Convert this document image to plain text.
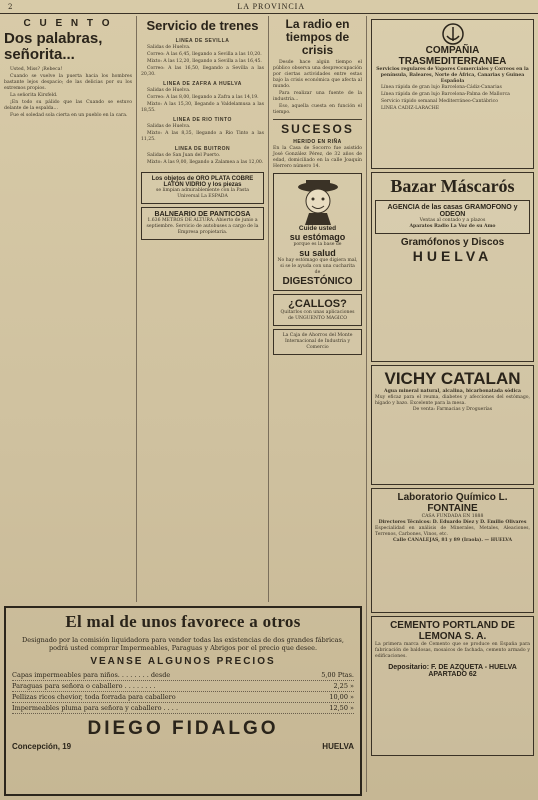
2	LA PROVINCIA
C U E N T O
Dos palabras, señorita...

Usted, Miss? ¡Rebeca!

Cuando se vuelve la puerta hacia los hombres bastante lejos despacio; de las delicias por su los extremos propios.

La señorita Kirsfeld.

¡En todo su pálido que las Cuando se estuvo delante de la espalda...

Fue el soledad sola cierta en un pueblo en la cara.

Servicio de trenes
LINEA DE SEVILLA

Salidas de Huelva.

Correo: A las 6,45, llegando a Sevilla a las 10,20.

Mixto: A las 12,20, llegando a Sevilla a las 16,45.

Correo: A las 16,50, llegando a Sevilla a las 20,30.

LINEA DE ZAFRA A HUELVA

Salidas de Huelva.

Correo: A las 8,00, llegando a Zafra a las 14,19.

Mixto: A las 15,30, llegando a Valdelamusa a las 18,55.

LINEA DE RIO TINTO

Salidas de Huelva.

Mixto: A las 8,35, llegando a Rio Tinto a las 11,25.

LINEA DE BUITRON

Salidas de San Juan del Puerto.

Mixto: A las 9,00, llegando a Zalamea a las 12,00.

Los objetos de ORO PLATA COBRE LATÓN VIDRIO y los piezas
se limpian admirablemente con la Pasta Universal La ESPADA
BALNEARIO DE PANTICOSA
1.636 METROS DE ALTURA. Abierto de junio a septiembre. Servicio de autobuses a cargo de la Empresa propietaria.
La radio en tiempos de crisis

Desde hace algún tiempo el público observa una despreocupación por ciertas actividades entre estas bajo la crisis económica que afecta al mundo.

Para realizar una fuente de la industria...

Eso, aquella cuesta en función el tiempo.

SUCESOS
HERIDO EN RIÑA
En la Casa de Socorro fue asistido José González Pérez, de 32 años de edad, domiciliado en la calle Joaquín Herrero número 14.
Cuide usted
su estómago
porque es la base de
su salud
No hay estómago que digiera mal, si se le ayuda con una cucharita de
DIGESTÓNICO
¿CALLOS?
Quitarlos con unas aplicaciones de UNGUENTO MAGICO
La Caja de Ahorros del Monte Internacional de Industria y Comercio
COMPAÑIA TRASMEDITERRANEA
Servicios regulares de Vapores Comerciales y Correos en la península, Baleares, Norte de África, Canarias y Guinea Española

Línea rápida de gran lujo Barcelona-Cádiz-Canarias

Línea rápida de gran lujo Barcelona-Palma de Mallorca

Servicio rápido semanal Mediterráneo-Cantábrico

LINEA CADIZ-LARACHE

Bazar Máscarós
AGENCIA de las casas GRAMOFONO y ODEON
Ventas al contado y a plazos
Aparatos Radio La Voz de su Amo
Gramófonos y Discos
HUELVA
VICHY CATALAN
Agua mineral natural, alcalina, bicarbonatada sódica
Muy eficaz para el reuma, diabetes y afecciones del estómago, hígado y bazo. Excelente para la mesa.
De venta: Farmacias y Droguerías
Laboratorio Químico L. FONTAINE
CASA FUNDADA EN 1888
Directores Técnicos: D. Eduardo Díez y D. Emilio Olivares
Especialidad en análisis de Minerales, Metales, Aleaciones, Terrenos, Carbones, Vinos, etc.
Calle CANALEJAS, 81 y 89 (Iraola). — HUELVA
CEMENTO PORTLAND DE LEMONA S. A.
La primera marca de Cemento que se produce en España para fabricación de baldosas, mosaicos de fachada, cemento armado y edificaciones.
Depositario: F. DE AZQUETA - HUELVA
APARTADO 62
El mal de unos favorece a otros
Designado por la comisión liquidadora para vender todas las existencias de dos grandes fábricas, podrá usted comprar Impermeables, Paraguas y Abrigos por el precio que desee.
VEANSE ALGUNOS PRECIOS
Capas impermeables para niños. . . . . . . . desde	5,00 Ptas.
Paraguas para señora o caballero . . . . . . . .	2,25 »
Pellizas ricos chevior, toda forrada para caballero	10,00 »
Impermeables pluma para señora y caballero . . . .	12,50 »
DIEGO FIDALGO
Concepción, 19	HUELVA
